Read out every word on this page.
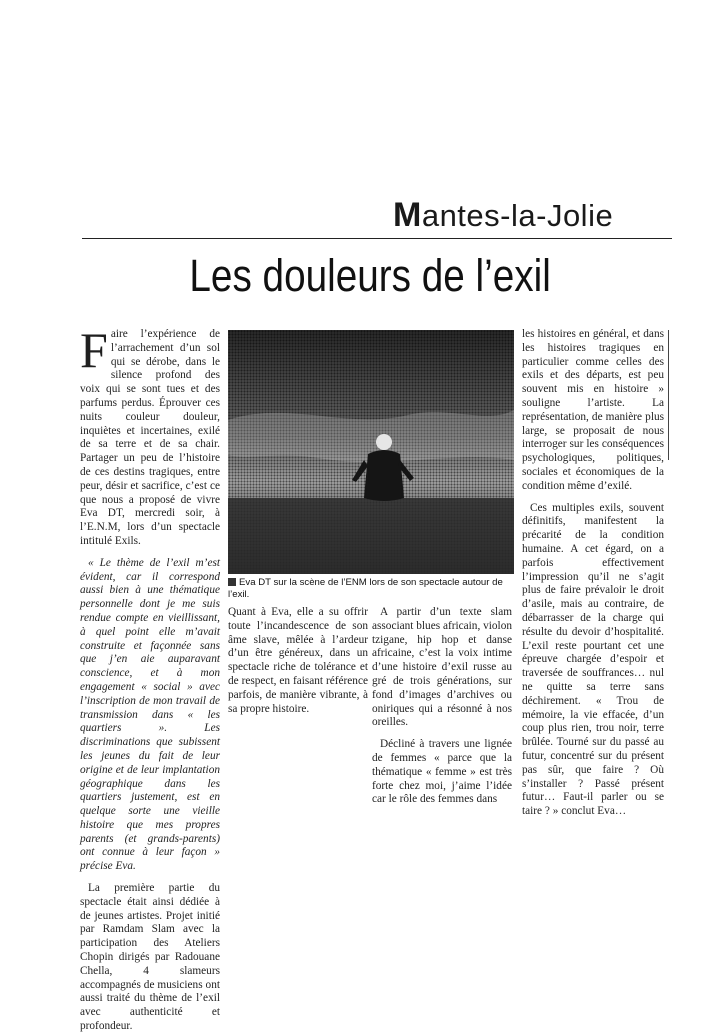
Mantes-la-Jolie
Les douleurs de l’exil

Faire l’expérience de l’arrachement d’un sol qui se dérobe, dans le silence profond des voix qui se sont tues et des parfums perdus. Éprouver ces nuits couleur douleur, inquiètes et incertaines, exilé de sa terre et de sa chair. Partager un peu de l’histoire de ces destins tragiques, entre peur, désir et sacrifice, c’est ce que nous a proposé de vivre Eva DT, mercredi soir, à l’E.N.M, lors d’un spectacle intitulé Exils.

« Le thème de l’exil m’est évident, car il correspond aussi bien à une thématique personnelle dont je me suis rendue compte en vieillissant, à quel point elle m’avait construite et façonnée sans que j’en aie auparavant conscience, et à mon engagement « social » avec l’inscription de mon travail de transmission dans « les quartiers ». Les discriminations que subissent les jeunes du fait de leur origine et de leur implantation géographique dans les quartiers justement, est en quelque sorte une vieille histoire que mes propres parents (et grands-parents) ont connue à leur façon » précise Eva.

La première partie du spectacle était ainsi dédiée à de jeunes artistes. Projet initié par Ramdam Slam avec la participation des Ateliers Chopin dirigés par Radouane Chella, 4 slameurs accompagnés de musiciens ont aussi traité du thème de l’exil avec authenticité et profondeur.

Eva DT sur la scène de l’ENM lors de son spectacle autour de l’exil.

Quant à Eva, elle a su offrir toute l’incandescence de son âme slave, mêlée à l’ardeur d’un être généreux, dans un spectacle riche de tolérance et de respect, en faisant référence parfois, de manière vibrante, à sa propre histoire.

A partir d’un texte slam associant blues africain, violon tzigane, hip hop et danse africaine, c’est la voix intime d’une histoire d’exil russe au gré de trois générations, sur fond d’images d’archives ou oniriques qui a résonné à nos oreilles.

Décliné à travers une lignée de femmes « parce que la thématique « femme » est très forte chez moi, j’aime l’idée car le rôle des femmes dans

les histoires en général, et dans les histoires tragiques en particulier comme celles des exils et des départs, est peu souvent mis en histoire » souligne l’artiste. La représentation, de manière plus large, se proposait de nous interroger sur les conséquences psychologiques, politiques, sociales et économiques de la condition même d’exilé.

Ces multiples exils, souvent définitifs, manifestent la précarité de la condition humaine. A cet égard, on a parfois effectivement l’impression qu’il ne s’agit plus de faire prévaloir le droit d’asile, mais au contraire, de débarrasser de la charge qui résulte du devoir d’hospitalité. L’exil reste pourtant cet une épreuve chargée d’espoir et traversée de souffrances… nul ne quitte sa terre sans déchirement. « Trou de mémoire, la vie effacée, d’un coup plus rien, trou noir, terre brûlée. Tourné sur du passé au futur, concentré sur du présent pas sûr, que faire ? Où s’installer ? Passé présent futur… Faut-il parler ou se taire ? » conclut Eva…
